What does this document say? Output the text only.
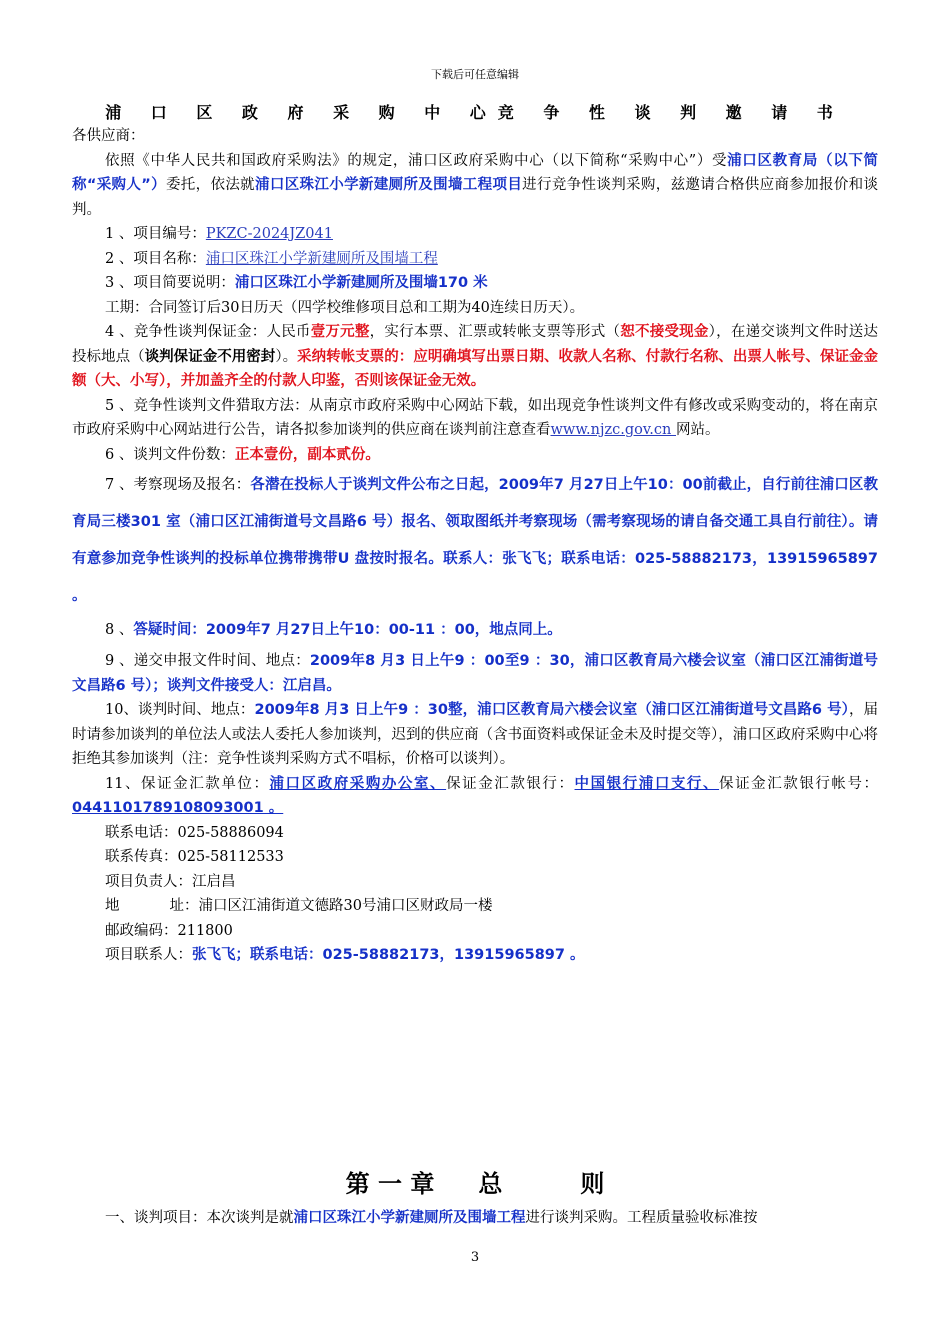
下载后可任意编辑
浦 口 区 政 府 采 购 中 心竞 争 性 谈 判 邀 请 书

各供应商：

依照《中华人民共和国政府采购法》的规定，浦口区政府采购中心（以下简称“采购中心”）受浦口区教育局（以下简称“采购人”）委托，依法就浦口区珠江小学新建厕所及围墙工程项目进行竞争性谈判采购，兹邀请合格供应商参加报价和谈判。

1 、项目编号：PKZC-2024JZ041

2 、项目名称：浦口区珠江小学新建厕所及围墙工程

3 、项目简要说明：浦口区珠江小学新建厕所及围墙170 米

工期：合同签订后30日历天（四学校维修项目总和工期为40连续日历天）。

4 、竞争性谈判保证金：人民币壹万元整，实行本票、汇票或转帐支票等形式（恕不接受现金），在递交谈判文件时送达投标地点（谈判保证金不用密封）。采纳转帐支票的：应明确填写出票日期、收款人名称、付款行名称、出票人帐号、保证金金额（大、小写），并加盖齐全的付款人印鉴，否则该保证金无效。

5 、竞争性谈判文件猎取方法：从南京市政府采购中心网站下载，如出现竞争性谈判文件有修改或采购变动的，将在南京市政府采购中心网站进行公告，请各拟参加谈判的供应商在谈判前注意查看www.njzc.gov.cn 网站。

6 、谈判文件份数：正本壹份，副本贰份。

7 、考察现场及报名：各潜在投标人于谈判文件公布之日起，2009年7 月27日上午10：00前截止，自行前往浦口区教育局三楼301 室（浦口区江浦街道号文昌路6 号）报名、领取图纸并考察现场（需考察现场的请自备交通工具自行前往）。请有意参加竞争性谈判的投标单位携带携带U 盘按时报名。联系人：张飞飞；联系电话：025-58882173，13915965897 。

8 、答疑时间：2009年7 月27日上午10：00-11 ：00，地点同上。

9 、递交申报文件时间、地点：2009年8 月3 日上午9 ：00至9 ：30，浦口区教育局六楼会议室（浦口区江浦街道号文昌路6 号）；谈判文件接受人：江启昌。

10、谈判时间、地点：2009年8 月3 日上午9 ：30整，浦口区教育局六楼会议室（浦口区江浦街道号文昌路6 号），届时请参加谈判的单位法人或法人委托人参加谈判，迟到的供应商（含书面资料或保证金未及时提交等），浦口区政府采购中心将拒绝其参加谈判（注：竞争性谈判采购方式不唱标，价格可以谈判）。

11、保证金汇款单位：浦口区政府采购办公室、保证金汇款银行：中国银行浦口支行、保证金汇款银行帐号：0441101789108093001 。

联系电话：025-58886094

联系传真：025-58112533

项目负责人：江启昌

地	址：浦口区江浦街道文德路30号浦口区财政局一楼

邮政编码：211800

项目联系人：张飞飞；联系电话：025-58882173，13915965897 。

第 一 章 总	则
一、谈判项目：本次谈判是就浦口区珠江小学新建厕所及围墙工程进行谈判采购。工程质量验收标准按
3
